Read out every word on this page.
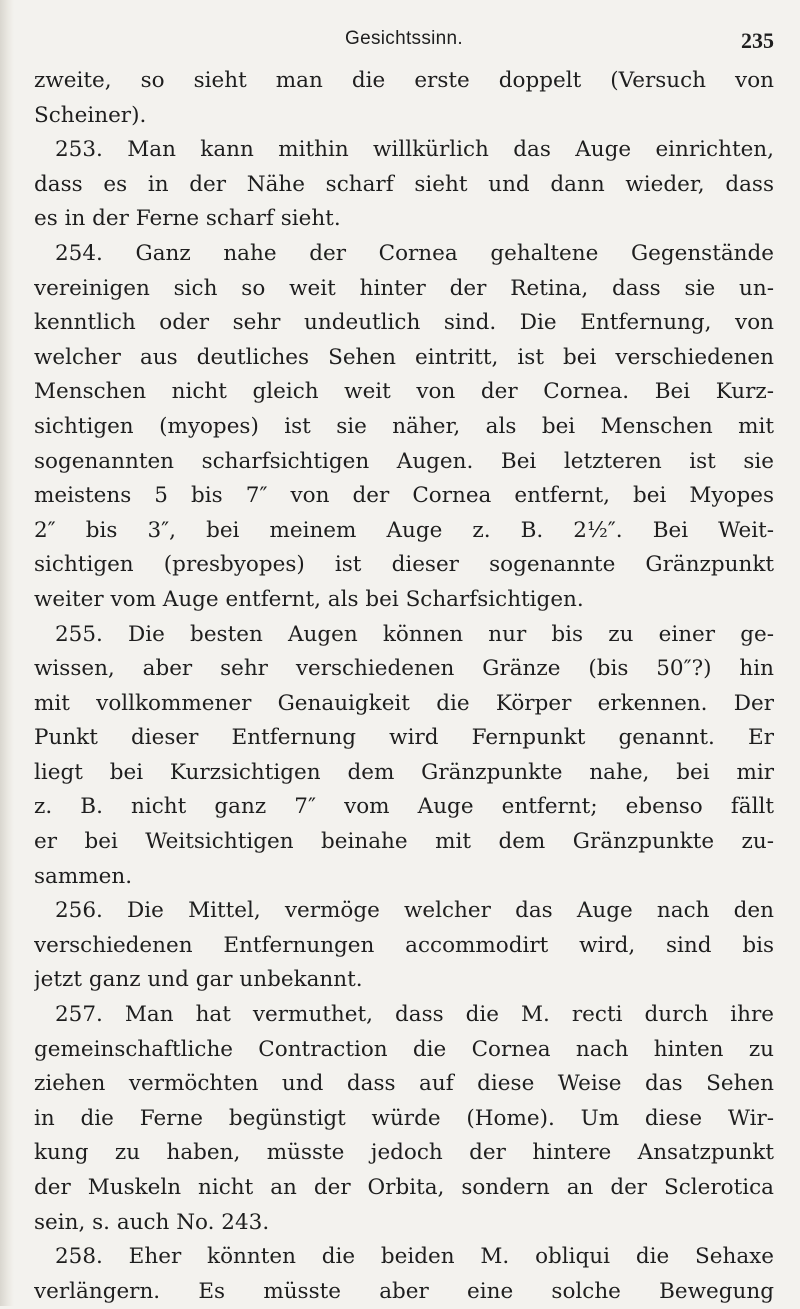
Gesichtssinn.	235
zweite, so sieht man die erste doppelt (Versuch von
Scheiner).
253. Man kann mithin willkürlich das Auge einrichten,
dass es in der Nähe scharf sieht und dann wieder, dass
es in der Ferne scharf sieht.
254. Ganz nahe der Cornea gehaltene Gegenstände
vereinigen sich so weit hinter der Retina, dass sie un-
kenntlich oder sehr undeutlich sind. Die Entfernung, von
welcher aus deutliches Sehen eintritt, ist bei verschiedenen
Menschen nicht gleich weit von der Cornea. Bei Kurz-
sichtigen (myopes) ist sie näher, als bei Menschen mit
sogenannten scharfsichtigen Augen. Bei letzteren ist sie
meistens 5 bis 7″ von der Cornea entfernt, bei Myopes
2″ bis 3″, bei meinem Auge z. B. 2½″. Bei Weit-
sichtigen (presbyopes) ist dieser sogenannte Gränzpunkt
weiter vom Auge entfernt, als bei Scharfsichtigen.
255. Die besten Augen können nur bis zu einer ge-
wissen, aber sehr verschiedenen Gränze (bis 50″?) hin
mit vollkommener Genauigkeit die Körper erkennen. Der
Punkt dieser Entfernung wird Fernpunkt genannt. Er
liegt bei Kurzsichtigen dem Gränzpunkte nahe, bei mir
z. B. nicht ganz 7″ vom Auge entfernt; ebenso fällt
er bei Weitsichtigen beinahe mit dem Gränzpunkte zu-
sammen.
256. Die Mittel, vermöge welcher das Auge nach den
verschiedenen Entfernungen accommodirt wird, sind bis
jetzt ganz und gar unbekannt.
257. Man hat vermuthet, dass die M. recti durch ihre
gemeinschaftliche Contraction die Cornea nach hinten zu
ziehen vermöchten und dass auf diese Weise das Sehen
in die Ferne begünstigt würde (Home). Um diese Wir-
kung zu haben, müsste jedoch der hintere Ansatzpunkt
der Muskeln nicht an der Orbita, sondern an der Sclerotica
sein, s. auch No. 243.
258. Eher könnten die beiden M. obliqui die Sehaxe
verlängern. Es müsste aber eine solche Bewegung
